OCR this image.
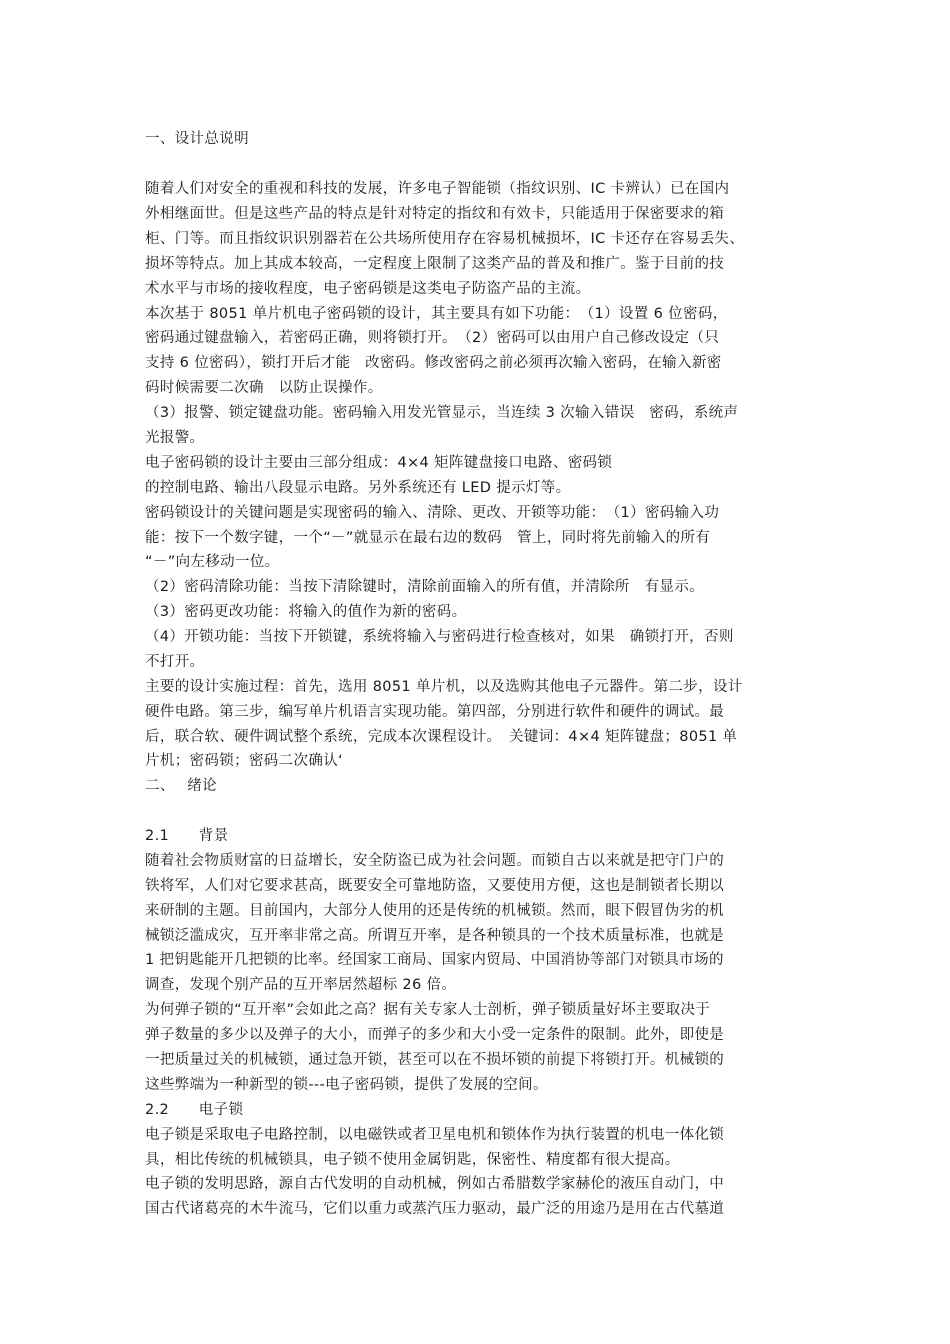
一、设计总说明
随着人们对安全的重视和科技的发展，许多电子智能锁（指纹识别、IC 卡辨认）已在国内
外相继面世。但是这些产品的特点是针对特定的指纹和有效卡，只能适用于保密要求的箱
柜、门等。而且指纹识识别器若在公共场所使用存在容易机械损坏，IC 卡还存在容易丢失、
损坏等特点。加上其成本较高，一定程度上限制了这类产品的普及和推广。鉴于目前的技
术水平与市场的接收程度，电子密码锁是这类电子防盗产品的主流。
本次基于 8051 单片机电子密码锁的设计，其主要具有如下功能：　（1）设置 6 位密码，
密码通过键盘输入，若密码正确，则将锁打开。　（2）密码可以由用户自己修改设定（只
支持 6 位密码），锁打开后才能　改密码。修改密码之前必须再次输入密码，在输入新密
码时候需要二次确　以防止误操作。
（3）报警、锁定键盘功能。密码输入用发光管显示，当连续 3 次输入错误　密码，系统声
光报警。
电子密码锁的设计主要由三部分组成：4×4 矩阵键盘接口电路、密码锁
的控制电路、输出八段显示电路。另外系统还有 LED 提示灯等。
密码锁设计的关键问题是实现密码的输入、清除、更改、开锁等功能：　（1）密码输入功
能：按下一个数字键，一个“－”就显示在最右边的数码　管上，同时将先前输入的所有
“－”向左移动一位。
（2）密码清除功能：当按下清除键时，清除前面输入的所有值，并清除所　有显示。
（3）密码更改功能：将输入的值作为新的密码。
（4）开锁功能：当按下开锁键，系统将输入与密码进行检查核对，如果　确锁打开，否则
不打开。
主要的设计实施过程：首先，选用 8051 单片机，以及选购其他电子元器件。第二步，设计
硬件电路。第三步，编写单片机语言实现功能。第四部，分别进行软件和硬件的调试。最
后，联合软、硬件调试整个系统，完成本次课程设计。　关键词：4×4 矩阵键盘；8051 单
片机；密码锁；密码二次确认‘
二、　 绪论
2.1　　背景
随着社会物质财富的日益增长，安全防盗已成为社会问题。而锁自古以来就是把守门户的
铁将军，人们对它要求甚高，既要安全可靠地防盗，又要使用方便，这也是制锁者长期以
来研制的主题。目前国内，大部分人使用的还是传统的机械锁。然而，眼下假冒伪劣的机
械锁泛滥成灾，互开率非常之高。所谓互开率，是各种锁具的一个技术质量标准，也就是
1 把钥匙能开几把锁的比率。经国家工商局、国家内贸局、中国消协等部门对锁具市场的
调查，发现个别产品的互开率居然超标 26 倍。
为何弹子锁的“互开率”会如此之高？据有关专家人士剖析，弹子锁质量好坏主要取决于
弹子数量的多少以及弹子的大小，而弹子的多少和大小受一定条件的限制。此外，即使是
一把质量过关的机械锁，通过急开锁，甚至可以在不损坏锁的前提下将锁打开。机械锁的
这些弊端为一种新型的锁---电子密码锁，提供了发展的空间。
2.2　　电子锁
电子锁是采取电子电路控制，以电磁铁或者卫星电机和锁体作为执行装置的机电一体化锁
具，相比传统的机械锁具，电子锁不使用金属钥匙，保密性、精度都有很大提高。
电子锁的发明思路，源自古代发明的自动机械，例如古希腊数学家赫伦的液压自动门，中
国古代诸葛亮的木牛流马，它们以重力或蒸汽压力驱动，最广泛的用途乃是用在古代墓道
